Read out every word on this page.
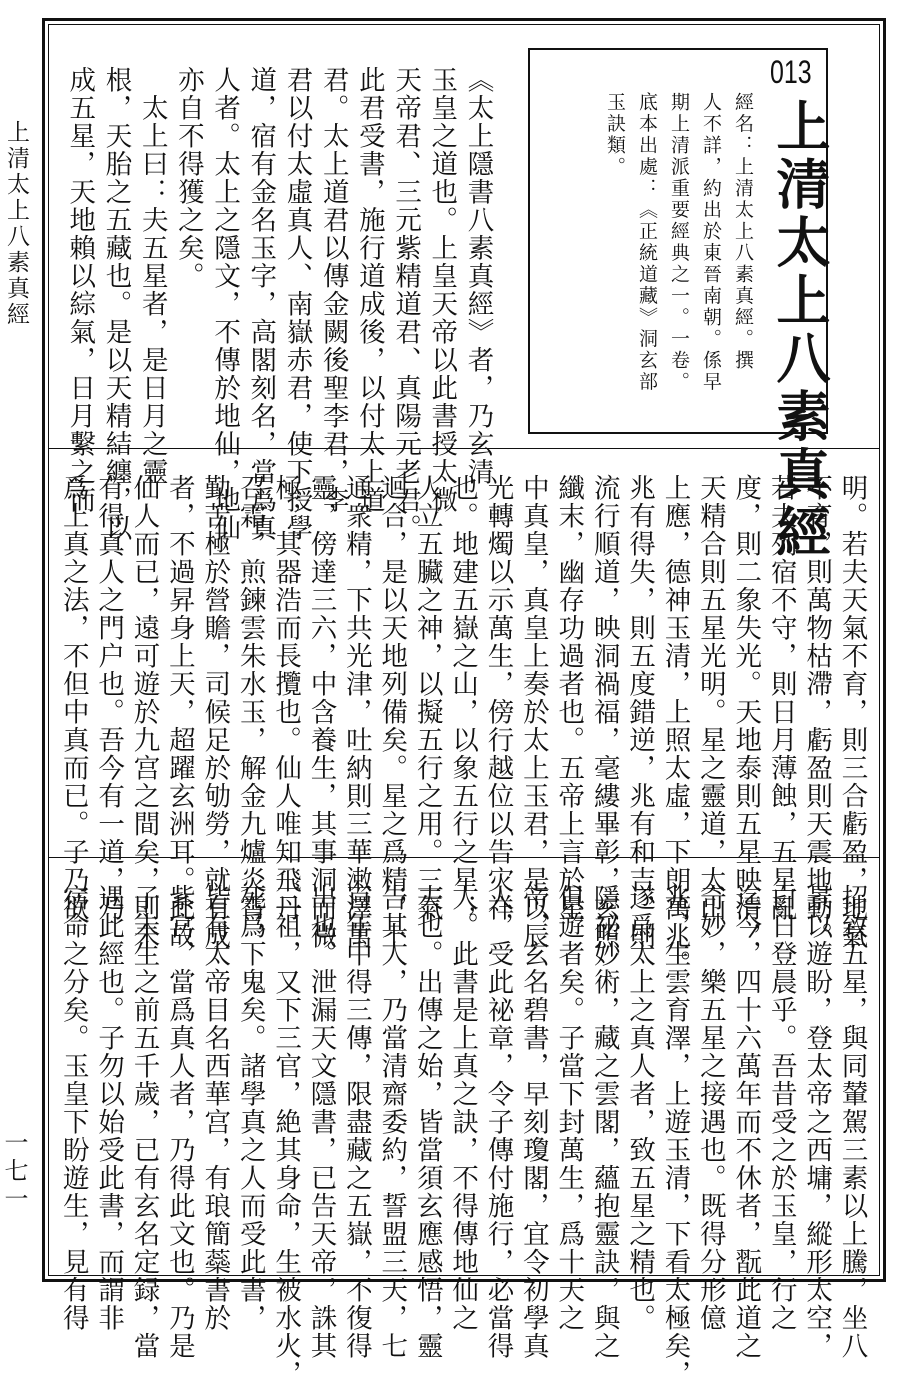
上清太上八素真經
一七一
013
上清太上八素真經
經名：上清太上八素真經。撰
人不詳，約出於東晉南朝。係早
期上清派重要經典之一。一卷。
底本出處：《正統道藏》洞玄部
玉訣類。
《太上隱書八素真經》者，乃玄清
玉皇之道也。上皇天帝以此書授太微
天帝君、三元紫精道君、真陽元老君。
此君受書，施行道成後，以付太上道
君。太上道君以傳金闕後聖李君，李
君以付太虛真人、南嶽赤君，使下授學
道，宿有金名玉字，高閣刻名，當爲真
人者。太上之隱文，不傳於地仙，地仙
亦自不得獲之矣。
　太上曰：夫五星者，是日月之靈
根，天胎之五藏也。是以天精結纏，以
成五星，天地賴以綜氣，日月繫之而
明。若夫天氣不育，則三合虧盈，地氣
不育，則萬物枯滯，虧盈則天震地動。
若夫列宿不守，則日月薄蝕，五星亂
度，則二象失光。天地泰則五星映清，
天精合則五星光明。星之靈道，太山
上應，德神玉清，上照太虛，下朗萬兆。
兆有得失，則五度錯逆，兆有和吉，則
流行順道，映洞禍福，毫縷畢彰，玄照
纖末，幽存功過者也。五帝上言於星
中真皇，真皇上奏於太上玉君，是以辰
光轉燭以示萬生，傍行越位以告灾祥
也。地建五嶽之山，以象五行之星；
人立五臟之神，以擬五行之用。三氣
迴合，是以天地列備矣。星之爲精，上
通衆精，下共光津，吐納則三華潄澤萬
靈，傍達三六，中含養生，其事洞而微
極，其器浩而長攬也。仙人唯知飛丹
召霜，煎鍊雲朱水玉，解金九爐炎霄，
勤苦極於營贍，司候足於劬勞，就有成
者，不過昇身上天，超躍玄洲耳。此故
仙人而已，遠可遊於九宫之間矣，則未
有得真人之門户也。吾今有一道，乃
爲上真之法，不但中真而已。子乃欲
招致五星，與同輦駕三素以上騰，坐八
景以遊盼，登太帝之西墉，縱形太空，
白日登晨乎。吾昔受之於玉皇，行之
迄今，四十六萬年而不休者，翫此道之
奇妙，樂五星之接遇也。既得分形億
兆，生雲育澤，上遊玉清，下看太極矣，
遂爲太上之真人者，致五星之精也。
隱祕妙術，藏之雲閣，蘊抱靈訣，與之
俱遊者矣。子當下封萬生，爲十天之
帝，玄名碧書，早刻瓊閣，宜令初學真
人，受此祕章，令子傳付施行，必當得
人。此書是上真之訣，不得傳地仙之
夫也。出傳之始，皆當須玄應感悟，靈
告其人，乃當清齋委約，誓盟三天，七
百年中得三傳，限盡藏之五嶽，不復得
出也。泄漏天文隱書，已告天帝，誅其
三祖，又下三官，絶其身命，生被水火，
死爲下鬼矣。諸學真之人而受此書，
皆有太帝目名西華宫，有琅簡蘂書於
紫宫，當爲真人者，乃得此文也。乃是
子未生之前五千歲，已有玄名定録，當
遇此經也。子勿以始受此書，而謂非
宿命之分矣。玉皇下盼遊生，見有得
